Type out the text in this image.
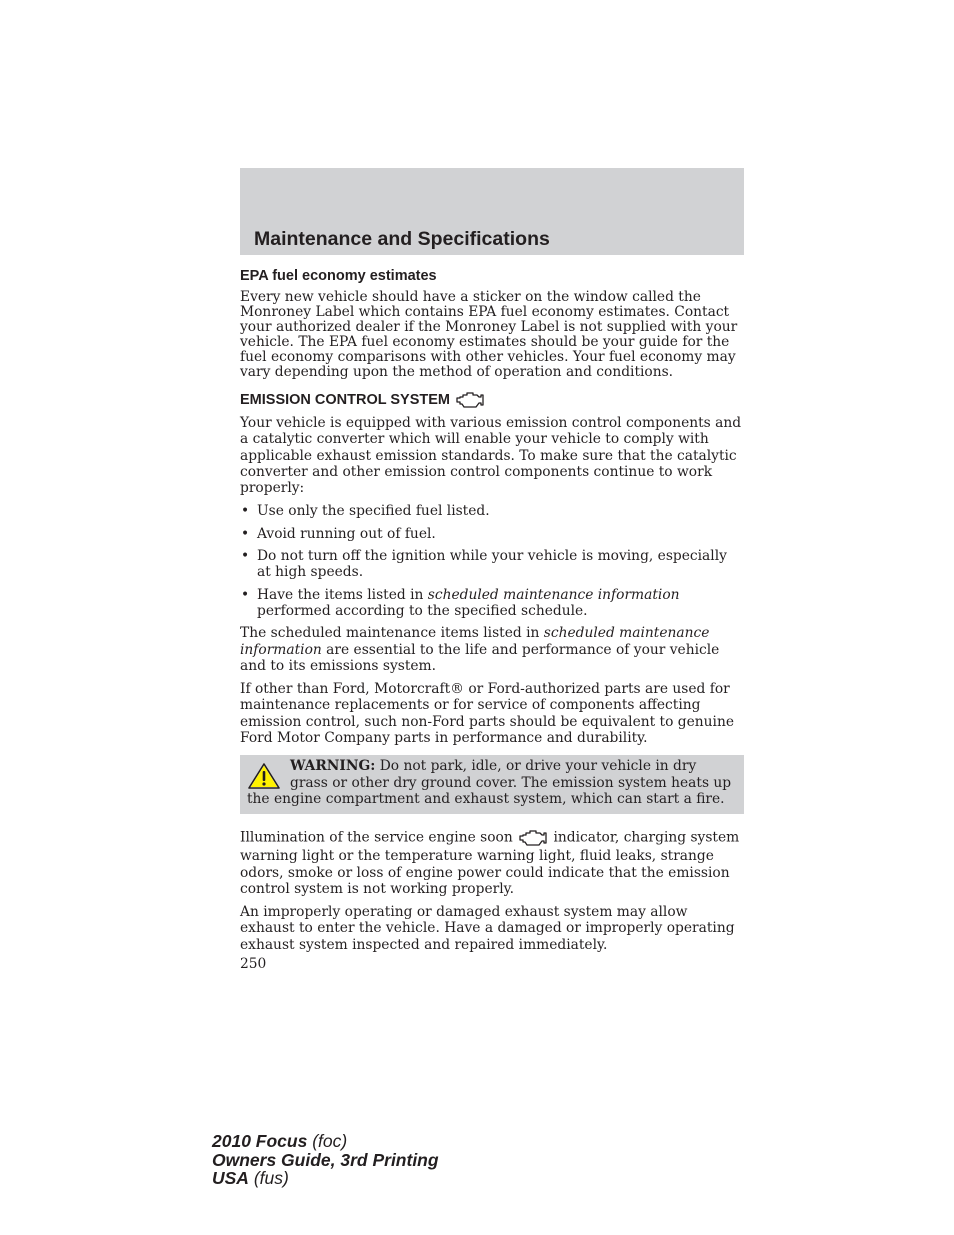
Maintenance and Specifications
EPA fuel economy estimates

Every new vehicle should have a sticker on the window called the Monroney Label which contains EPA fuel economy estimates. Contact your authorized dealer if the Monroney Label is not supplied with your vehicle. The EPA fuel economy estimates should be your guide for the fuel economy comparisons with other vehicles. Your fuel economy may vary depending upon the method of operation and conditions.

EMISSION CONTROL SYSTEM

Your vehicle is equipped with various emission control components and a catalytic converter which will enable your vehicle to comply with applicable exhaust emission standards. To make sure that the catalytic converter and other emission control components continue to work properly:

• Use only the specified fuel listed.
• Avoid running out of fuel.
• Do not turn off the ignition while your vehicle is moving, especially at high speeds.
• Have the items listed in scheduled maintenance information performed according to the specified schedule.

The scheduled maintenance items listed in scheduled maintenance information are essential to the life and performance of your vehicle and to its emissions system.

If other than Ford, Motorcraft® or Ford-authorized parts are used for maintenance replacements or for service of components affecting emission control, such non-Ford parts should be equivalent to genuine Ford Motor Company parts in performance and durability.

WARNING: Do not park, idle, or drive your vehicle in dry grass or other dry ground cover. The emission system heats up the engine compartment and exhaust system, which can start a fire.

Illumination of the service engine soon  indicator, charging system warning light or the temperature warning light, fluid leaks, strange odors, smoke or loss of engine power could indicate that the emission control system is not working properly.

An improperly operating or damaged exhaust system may allow exhaust to enter the vehicle. Have a damaged or improperly operating exhaust system inspected and repaired immediately.

250
2010 Focus (foc)
Owners Guide, 3rd Printing
USA (fus)
